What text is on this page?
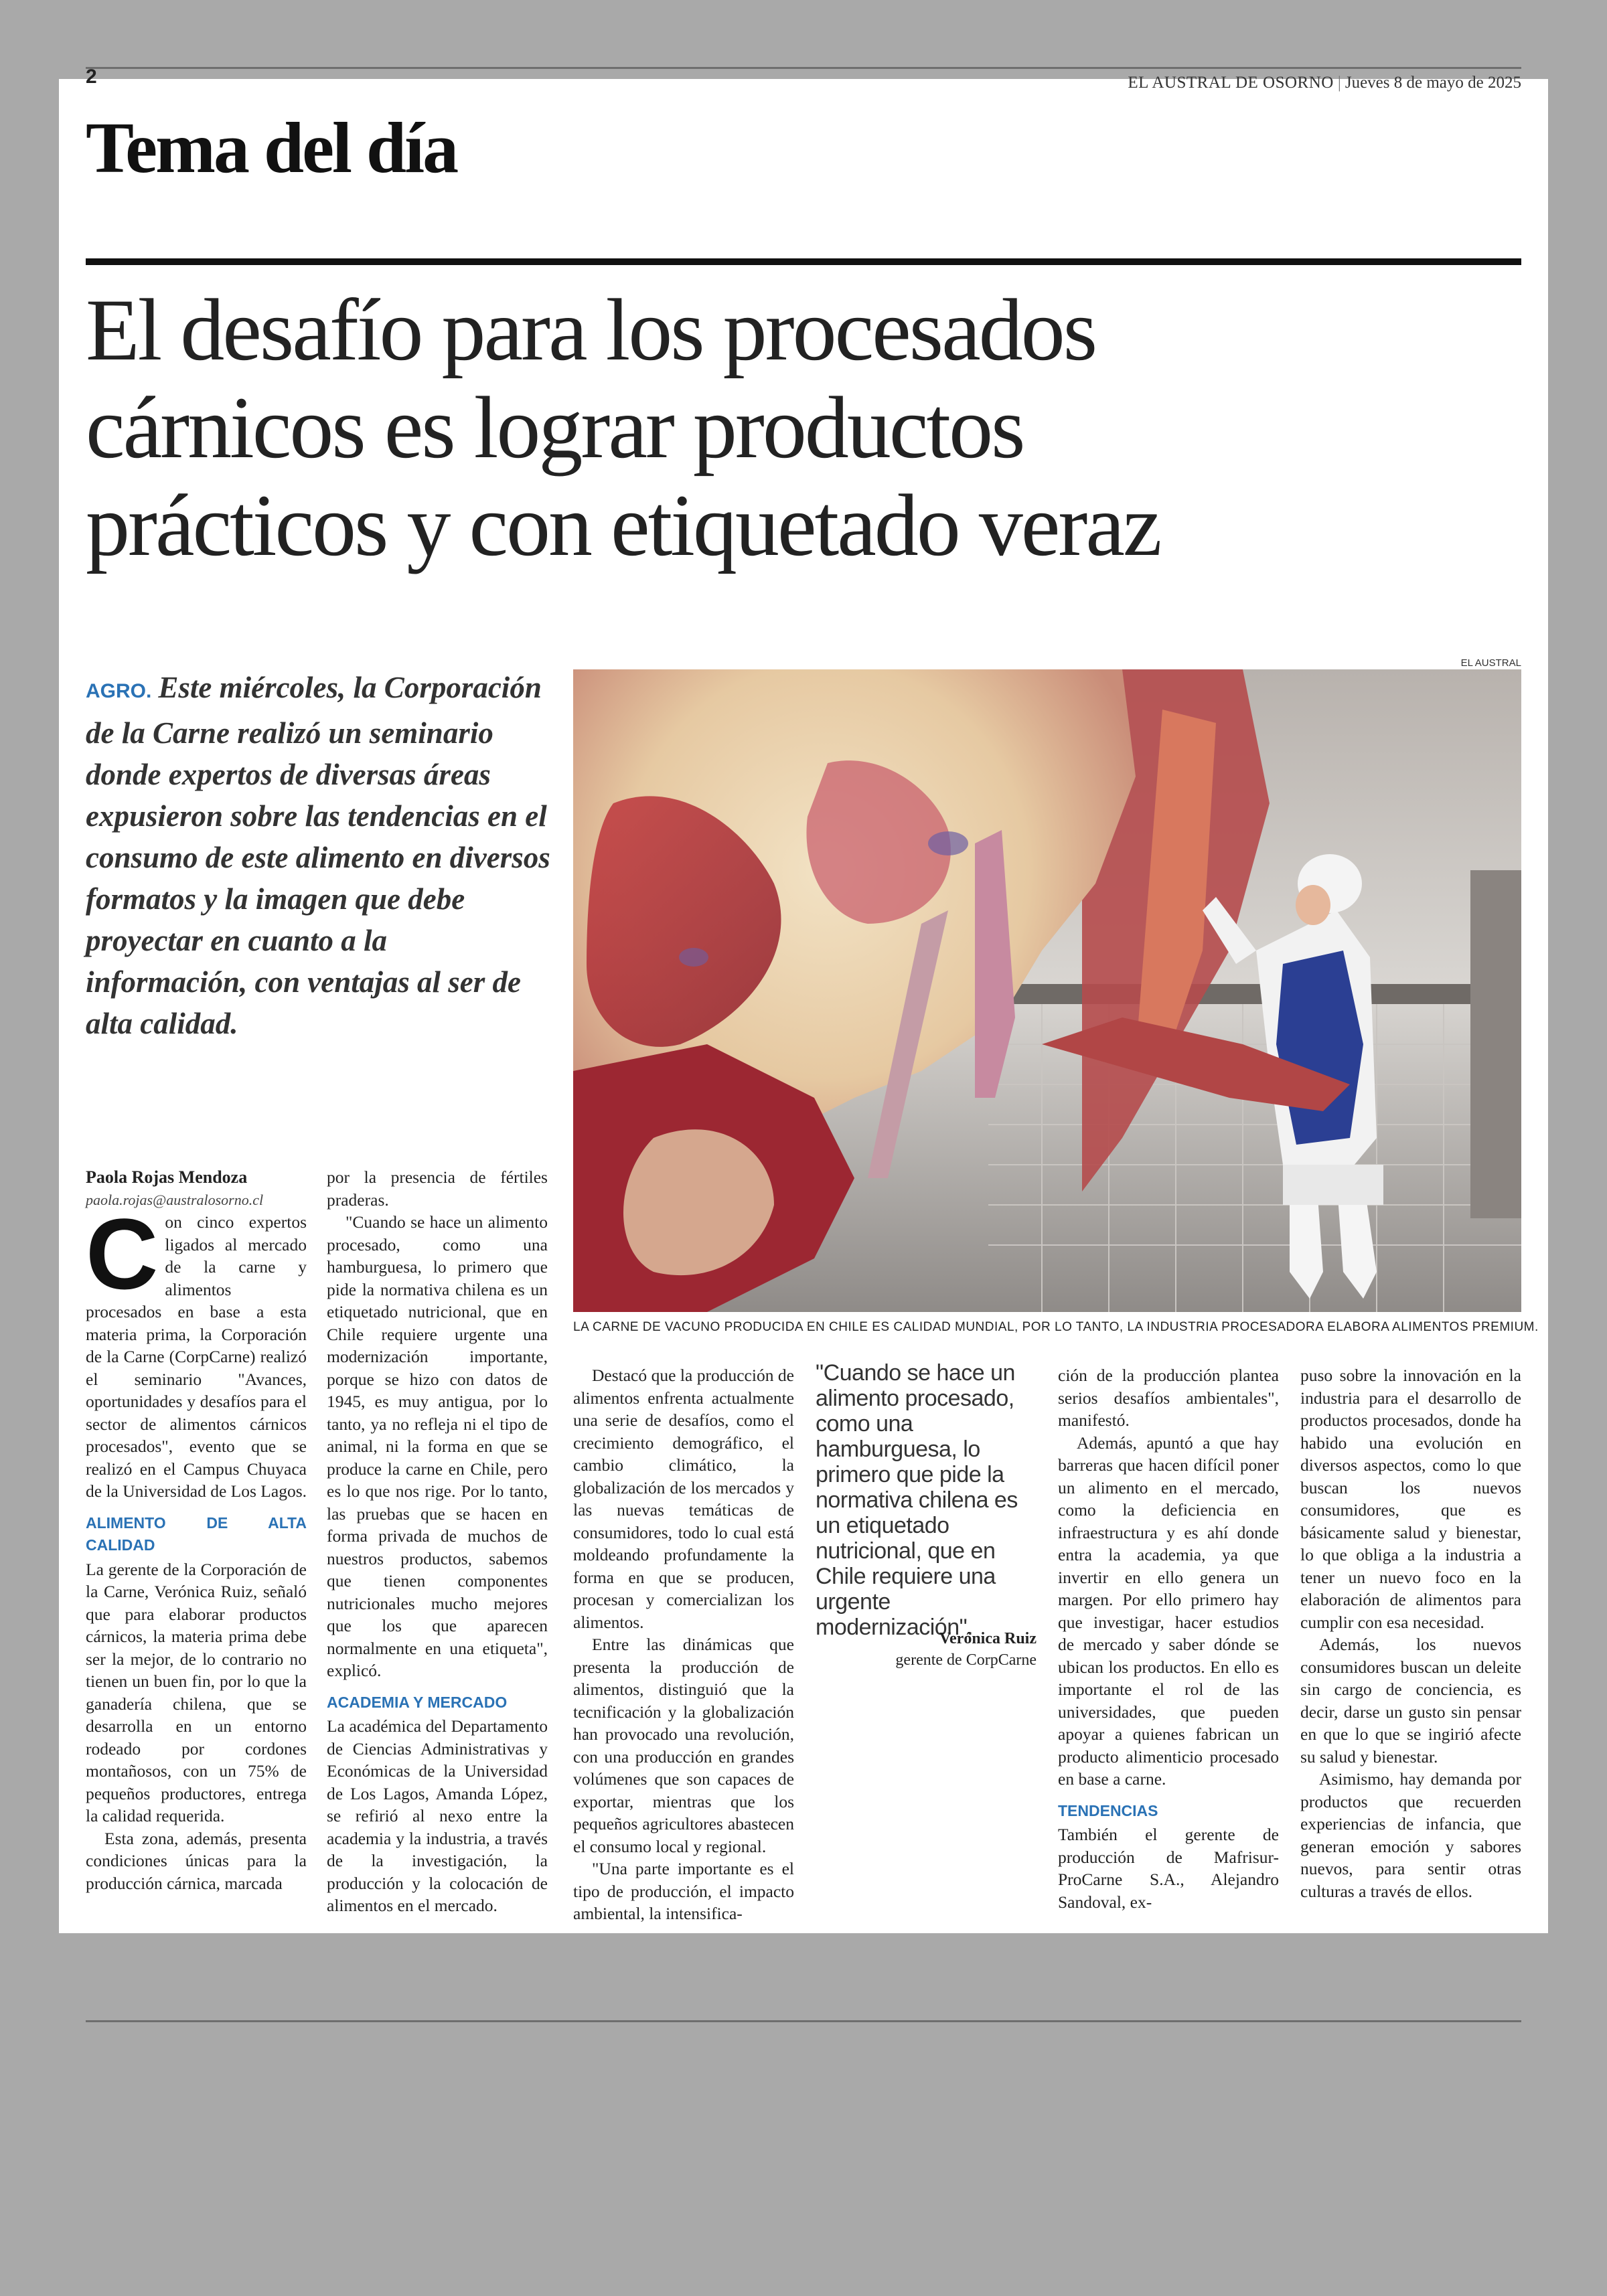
2	EL AUSTRAL DE OSORNO | Jueves 8 de mayo de 2025
Tema del día
El desafío para los procesados
cárnicos es lograr productos
prácticos y con etiquetado veraz
AGRO. Este miércoles, la Corporación de la Carne realizó un seminario donde expertos de diversas áreas expusieron sobre las tendencias en el consumo de este alimento en diversos formatos y la imagen que debe proyectar en cuanto a la información, con ventajas al ser de alta calidad.
EL AUSTRAL
LA CARNE DE VACUNO PRODUCIDA EN CHILE ES CALIDAD MUNDIAL, POR LO TANTO, LA INDUSTRIA PROCESADORA ELABORA ALIMENTOS PREMIUM.

Paola Rojas Mendoza

paola.rojas@australosorno.cl

Con cinco expertos ligados al mercado de la carne y alimentos procesados en base a esta materia prima, la Corporación de la Carne (CorpCarne) realizó el seminario "Avances, oportunidades y desafíos para el sector de alimentos cárnicos procesados", evento que se realizó en el Campus Chuyaca de la Universidad de Los Lagos.

ALIMENTO DE ALTA CALIDAD

La gerente de la Corporación de la Carne, Verónica Ruiz, señaló que para elaborar productos cárnicos, la materia prima debe ser la mejor, de lo contrario no tienen un buen fin, por lo que la ganadería chilena, que se desarrolla en un entorno rodeado por cordones montañosos, con un 75% de pequeños productores, entrega la calidad requerida.

Esta zona, además, presenta condiciones únicas para la producción cárnica, marcada

por la presencia de fértiles praderas.

"Cuando se hace un alimento procesado, como una hamburguesa, lo primero que pide la normativa chilena es un etiquetado nutricional, que en Chile requiere urgente una modernización importante, porque se hizo con datos de 1945, es muy antigua, por lo tanto, ya no refleja ni el tipo de animal, ni la forma en que se produce la carne en Chile, pero es lo que nos rige. Por lo tanto, las pruebas que se hacen en forma privada de muchos de nuestros productos, sabemos que tienen componentes nutricionales mucho mejores que los que aparecen normalmente en una etiqueta", explicó.

ACADEMIA Y MERCADO

La académica del Departamento de Ciencias Administrativas y Económicas de la Universidad de Los Lagos, Amanda López, se refirió al nexo entre la academia y la industria, a través de la investigación, la producción y la colocación de alimentos en el mercado.

Destacó que la producción de alimentos enfrenta actualmente una serie de desafíos, como el crecimiento demográfico, el cambio climático, la globalización de los mercados y las nuevas temáticas de consumidores, todo lo cual está moldeando profundamente la forma en que se producen, procesan y comercializan los alimentos.

Entre las dinámicas que presenta la producción de alimentos, distinguió que la tecnificación y la globalización han provocado una revolución, con una producción en grandes volúmenes que son capaces de exportar, mientras que los pequeños agricultores abastecen el consumo local y regional.

"Una parte importante es el tipo de producción, el impacto ambiental, la intensifica-

"Cuando se hace un alimento procesado, como una hamburguesa, lo primero que pide la normativa chilena es un etiquetado nutricional, que en Chile requiere una urgente modernización".
Verónica Ruiz
gerente de CorpCarne

ción de la producción plantea serios desafíos ambientales", manifestó.

Además, apuntó a que hay barreras que hacen difícil poner un alimento en el mercado, como la deficiencia en infraestructura y es ahí donde entra la academia, ya que invertir en ello genera un margen. Por ello primero hay que investigar, hacer estudios de mercado y saber dónde se ubican los productos. En ello es importante el rol de las universidades, que pueden apoyar a quienes fabrican un producto alimenticio procesado en base a carne.

TENDENCIAS

También el gerente de producción de Mafrisur-ProCarne S.A., Alejandro Sandoval, ex-

puso sobre la innovación en la industria para el desarrollo de productos procesados, donde ha habido una evolución en diversos aspectos, como lo que buscan los nuevos consumidores, que es básicamente salud y bienestar, lo que obliga a la industria a tener un nuevo foco en la elaboración de alimentos para cumplir con esa necesidad.

Además, los nuevos consumidores buscan un deleite sin cargo de conciencia, es decir, darse un gusto sin pensar en que lo que se ingirió afecte su salud y bienestar.

Asimismo, hay demanda por productos que recuerden experiencias de infancia, que generan emoción y sabores nuevos, para sentir otras culturas a través de ellos.
